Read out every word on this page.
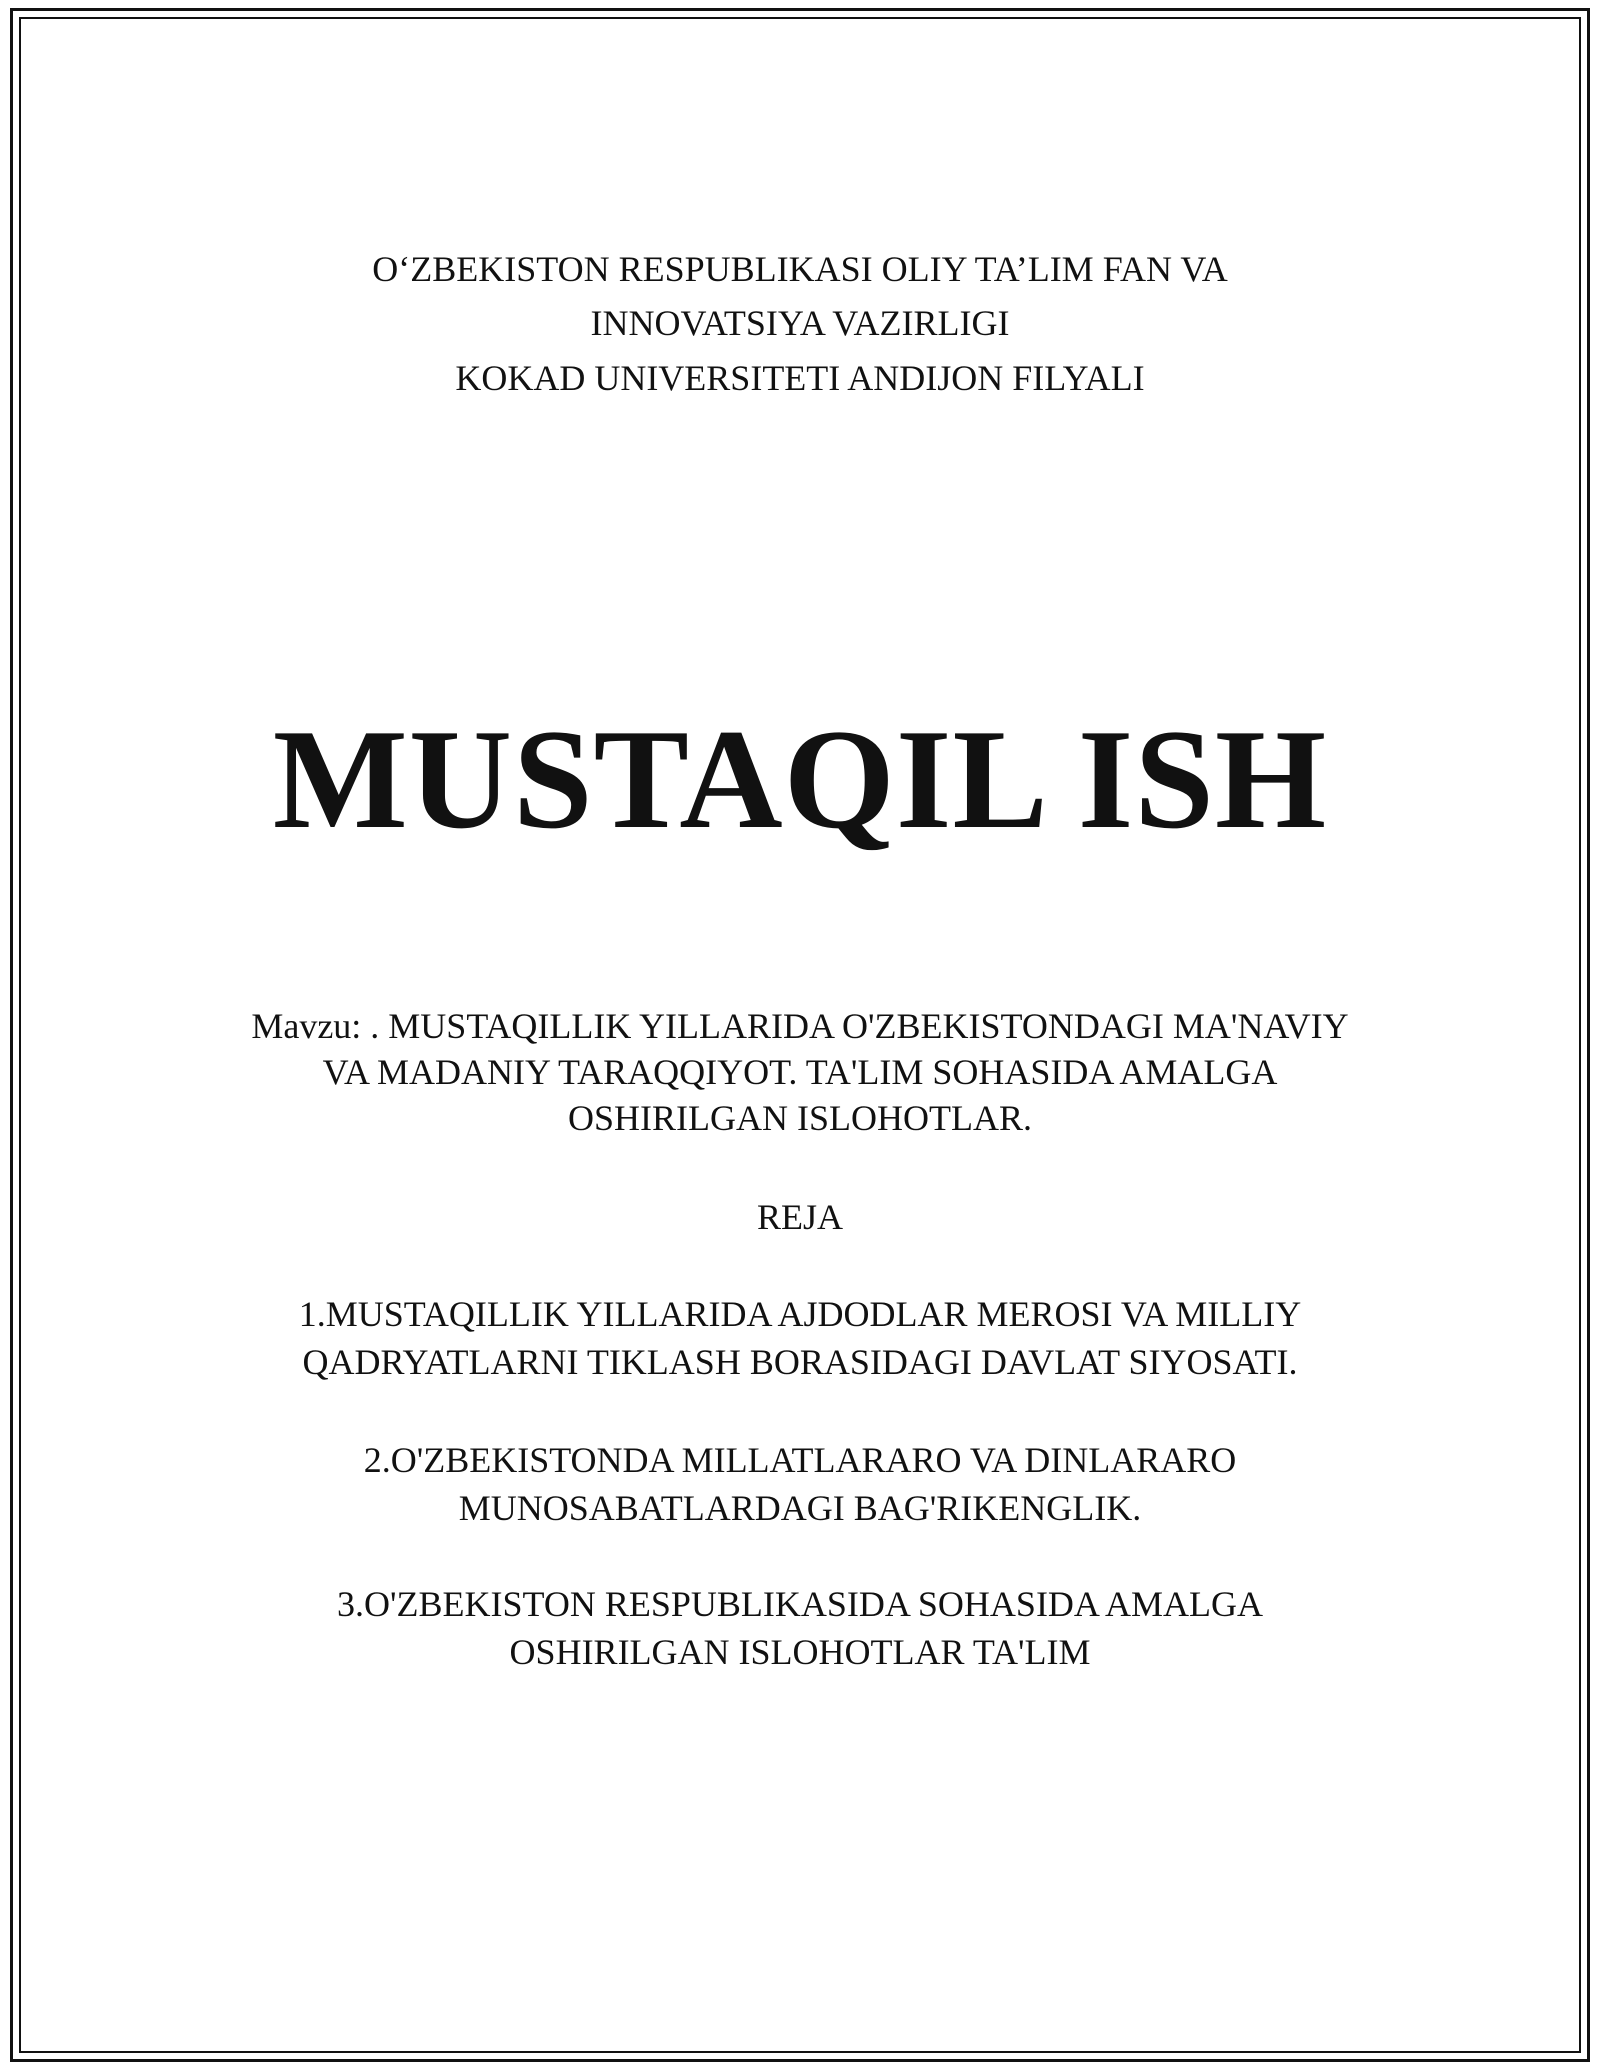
O‘ZBEKISTON RESPUBLIKASI OLIY TA’LIM FAN VA
INNOVATSIYA VAZIRLIGI
KOKAD UNIVERSITETI ANDIJON FILYALI
MUSTAQIL ISH
Mavzu: . MUSTAQILLIK YILLARIDA O'ZBEKISTONDAGI MA'NAVIY
VA MADANIY TARAQQIYOT. TA'LIM SOHASIDA AMALGA
OSHIRILGAN ISLOHOTLAR.
REJA
1.MUSTAQILLIK YILLARIDA AJDODLAR MEROSI VA MILLIY
QADRYATLARNI TIKLASH BORASIDAGI DAVLAT SIYOSATI.
2.O'ZBEKISTONDA MILLATLARARO VA DINLARARO
MUNOSABATLARDAGI BAG'RIKENGLIK.
3.O'ZBEKISTON RESPUBLIKASIDA SOHASIDA AMALGA
OSHIRILGAN ISLOHOTLAR TA'LIM
